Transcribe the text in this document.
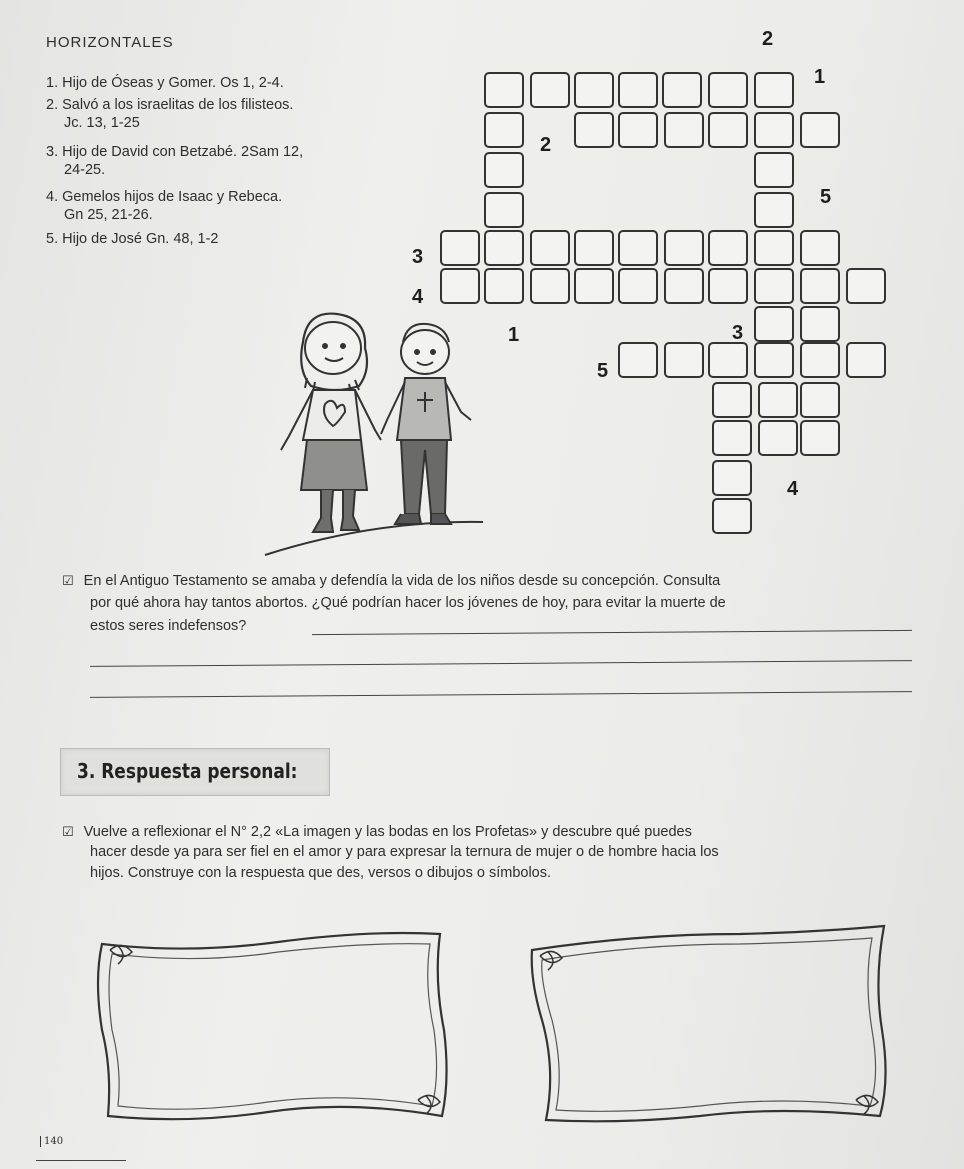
HORIZONTALES
1. Hijo de Óseas y Gomer. Os 1, 2-4.
2. Salvó a los israelitas de los filisteos.
Jc. 13, 1-25
3. Hijo de David con Betzabé. 2Sam 12,
24-25.
4. Gemelos hijos de Isaac y Rebeca.
Gn 25, 21-26.
5. Hijo de José Gn. 48, 1-2
2
1
2
5
3
4
1	3
5
4
☑ En el Antiguo Testamento se amaba y defendía la vida de los niños desde su concepción. Consulta
por qué ahora hay tantos abortos. ¿Qué podrían hacer los jóvenes de hoy, para evitar la muerte de
estos seres indefensos?
3. Respuesta personal:
☑ Vuelve a reflexionar el N° 2,2 «La imagen y las bodas en los Profetas» y descubre qué puedes
hacer desde ya para ser fiel en el amor y para expresar la ternura de mujer o de hombre hacia los
hijos. Construye con la respuesta que des, versos o dibujos o símbolos.
140
